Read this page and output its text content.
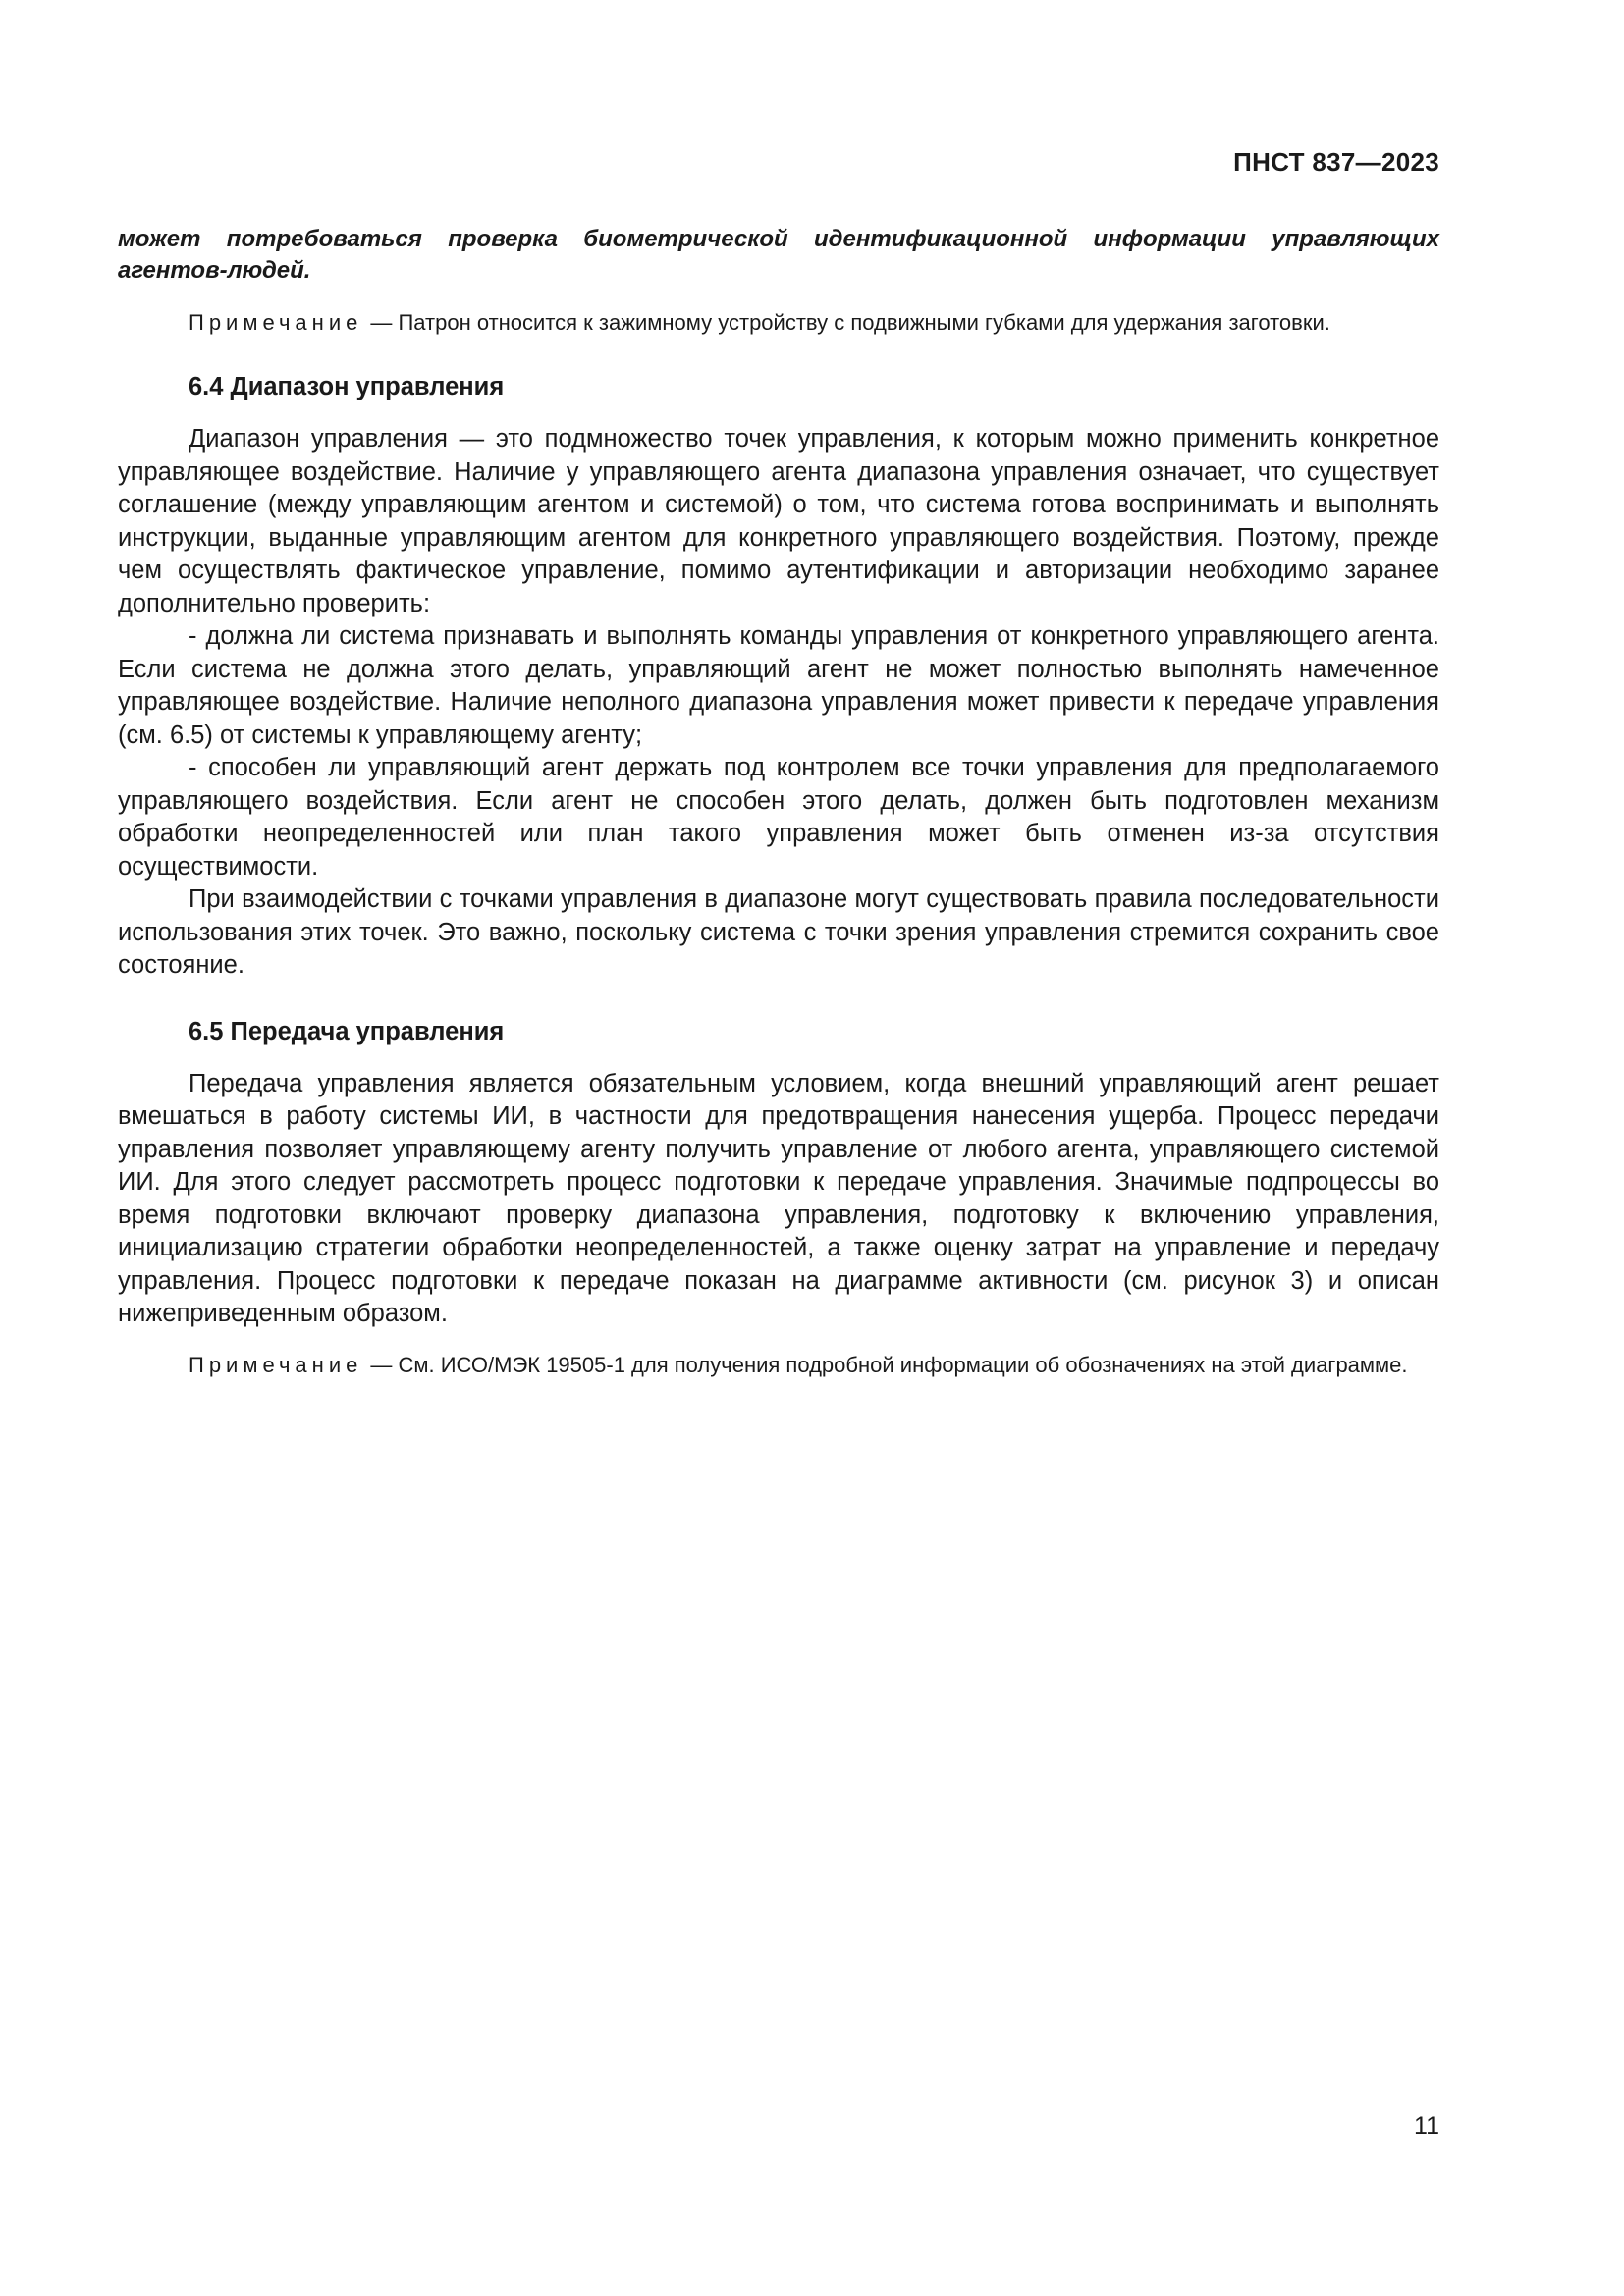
ПНСТ 837—2023

может потребоваться проверка биометрической идентификационной информации управляющих агентов-людей.

Примечание — Патрон относится к зажимному устройству с подвижными губками для удержания заготовки.

6.4 Диапазон управления

Диапазон управления — это подмножество точек управления, к которым можно применить конкретное управляющее воздействие. Наличие у управляющего агента диапазона управления означает, что существует соглашение (между управляющим агентом и системой) о том, что система готова воспринимать и выполнять инструкции, выданные управляющим агентом для конкретного управляющего воздействия. Поэтому, прежде чем осуществлять фактическое управление, помимо аутентификации и авторизации необходимо заранее дополнительно проверить:

- должна ли система признавать и выполнять команды управления от конкретного управляющего агента. Если система не должна этого делать, управляющий агент не может полностью выполнять намеченное управляющее воздействие. Наличие неполного диапазона управления может привести к передаче управления (см. 6.5) от системы к управляющему агенту;

- способен ли управляющий агент держать под контролем все точки управления для предполагаемого управляющего воздействия. Если агент не способен этого делать, должен быть подготовлен механизм обработки неопределенностей или план такого управления может быть отменен из-за отсутствия осуществимости.

При взаимодействии с точками управления в диапазоне могут существовать правила последовательности использования этих точек. Это важно, поскольку система с точки зрения управления стремится сохранить свое состояние.

6.5 Передача управления

Передача управления является обязательным условием, когда внешний управляющий агент решает вмешаться в работу системы ИИ, в частности для предотвращения нанесения ущерба. Процесс передачи управления позволяет управляющему агенту получить управление от любого агента, управляющего системой ИИ. Для этого следует рассмотреть процесс подготовки к передаче управления. Значимые подпроцессы во время подготовки включают проверку диапазона управления, подготовку к включению управления, инициализацию стратегии обработки неопределенностей, а также оценку затрат на управление и передачу управления. Процесс подготовки к передаче показан на диаграмме активности (см. рисунок 3) и описан нижеприведенным образом.

Примечание — См. ИСО/МЭК 19505-1 для получения подробной информации об обозначениях на этой диаграмме.

11
